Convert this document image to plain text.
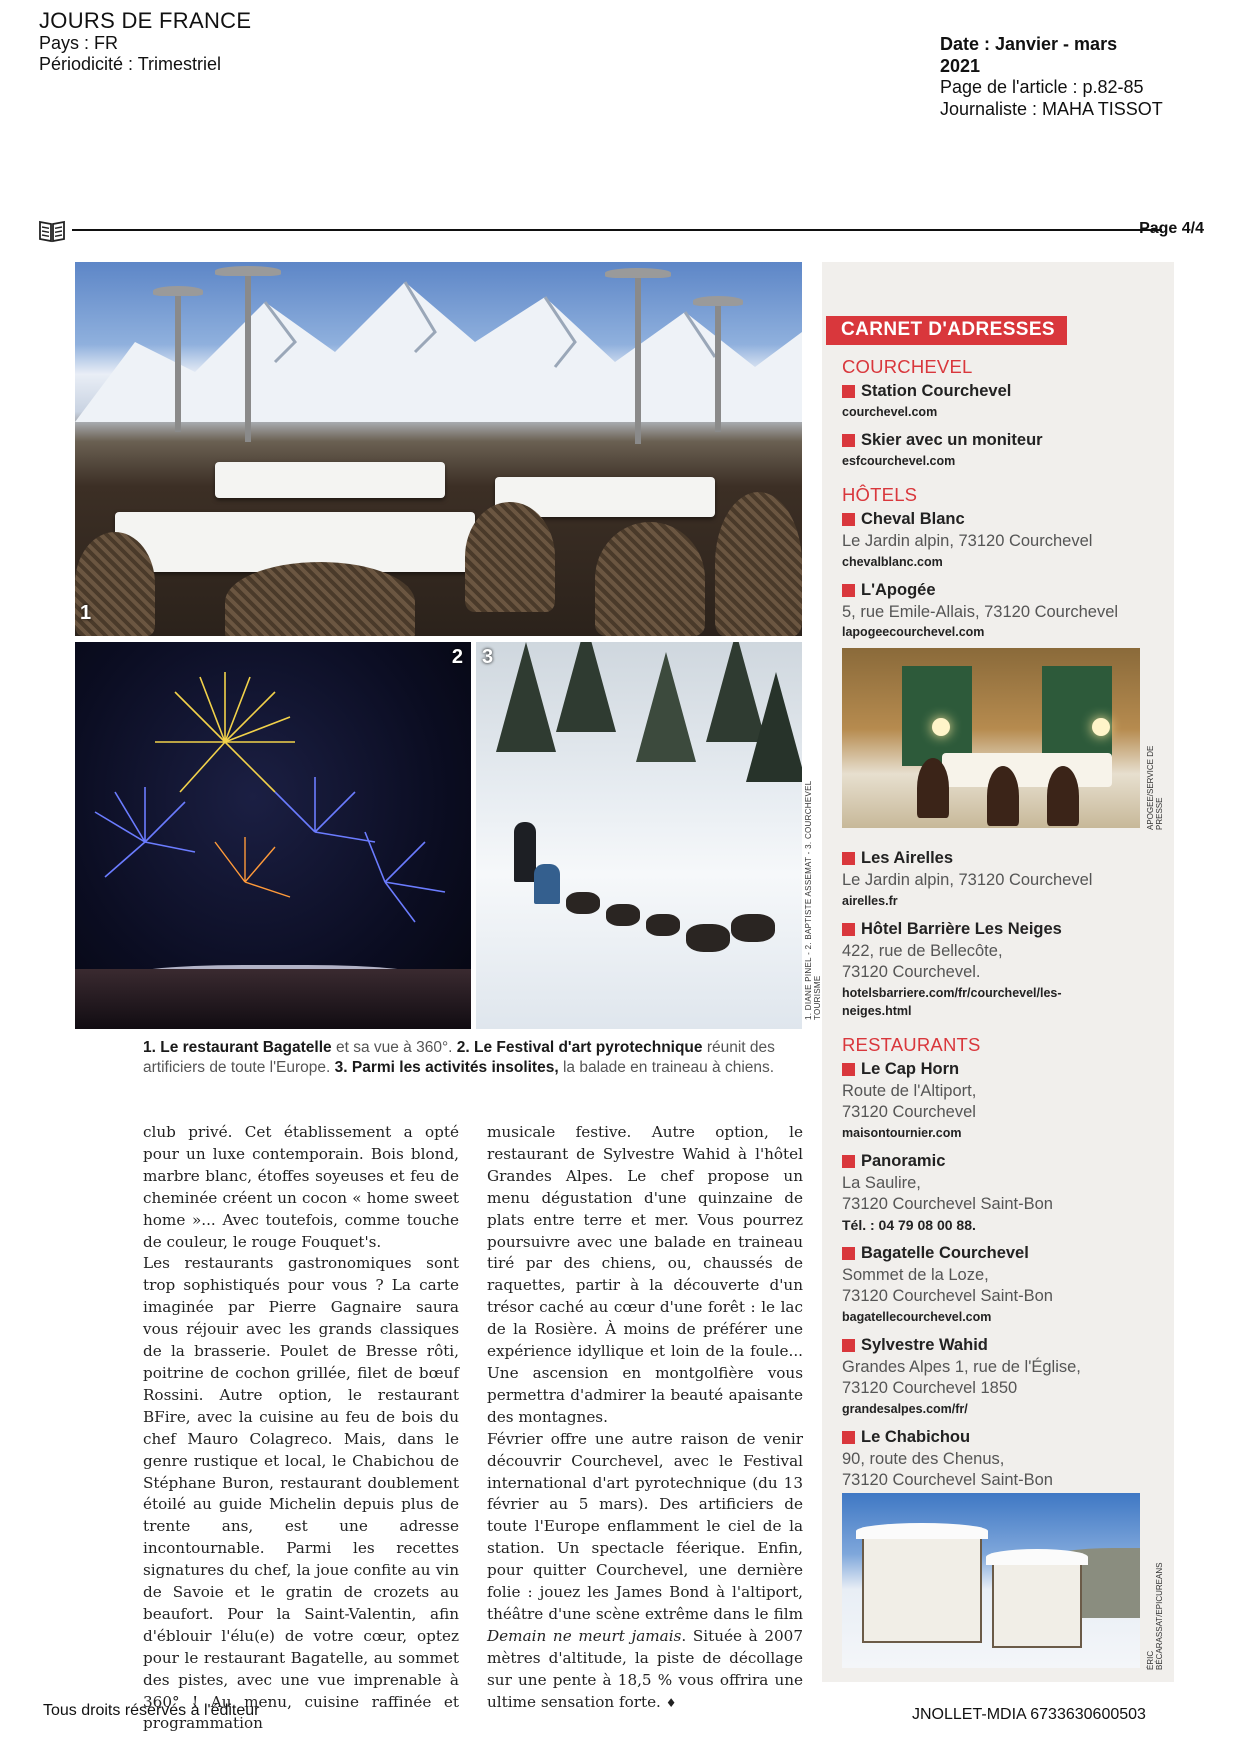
JOURS DE FRANCE
Pays : FR
Périodicité : Trimestriel
Date : Janvier - mars
2021
Page de l'article : p.82-85
Journaliste : MAHA TISSOT
Page 4/4
1
2 3
1. DIANE PINEL - 2. BAPTISTE ASSEMAT - 3. COURCHEVEL TOURISME
1. Le restaurant Bagatelle et sa vue à 360°. 2. Le Festival d'art pyrotechnique réunit des artificiers de toute l'Europe. 3. Parmi les activités insolites, la balade en traineau à chiens.

club privé. Cet établissement a opté pour un luxe contemporain. Bois blond, marbre blanc, étoffes soyeuses et feu de cheminée créent un cocon « home sweet home »... Avec toutefois, comme touche de couleur, le rouge Fouquet's.

Les restaurants gastronomiques sont trop sophistiqués pour vous ? La carte imaginée par Pierre Gagnaire saura vous réjouir avec les grands classiques de la brasserie. Poulet de Bresse rôti, poitrine de cochon grillée, filet de bœuf Rossini. Autre option, le restaurant BFire, avec la cuisine au feu de bois du chef Mauro Colagreco. Mais, dans le genre rustique et local, le Chabichou de Stéphane Buron, restaurant doublement étoilé au guide Michelin depuis plus de trente ans, est une adresse incontournable. Parmi les recettes signatures du chef, la joue confite au vin de Savoie et le gratin de crozets au beaufort. Pour la Saint-Valentin, afin d'éblouir l'élu(e) de votre cœur, optez pour le restaurant Bagatelle, au sommet des pistes, avec une vue imprenable à 360° ! Au menu, cuisine raffinée et programmation

musicale festive. Autre option, le restaurant de Sylvestre Wahid à l'hôtel Grandes Alpes. Le chef propose un menu dégustation d'une quinzaine de plats entre terre et mer. Vous pourrez poursuivre avec une balade en traineau tiré par des chiens, ou, chaussés de raquettes, partir à la découverte d'un trésor caché au cœur d'une forêt : le lac de la Rosière. À moins de préférer une expérience idyllique et loin de la foule... Une ascension en montgolfière vous permettra d'admirer la beauté apaisante des montagnes.

Février offre une autre raison de venir découvrir Courchevel, avec le Festival international d'art pyrotechnique (du 13 février au 5 mars). Des artificiers de toute l'Europe enflamment le ciel de la station. Un spectacle féerique. Enfin, pour quitter Courchevel, une dernière folie : jouez les James Bond à l'altiport, théâtre d'une scène extrême dans le film Demain ne meurt jamais. Située à 2007 mètres d'altitude, la piste de décollage sur une pente à 18,5 % vous offrira une ultime sensation forte. ♦

CARNET D'ADRESSES
COURCHEVEL
Station Courchevel
courchevel.com
Skier avec un moniteur
esfcourchevel.com
HÔTELS
Cheval Blanc
Le Jardin alpin, 73120 Courchevel
chevalblanc.com
L'Apogée
5, rue Emile-Allais, 73120 Courchevel
lapogeecourchevel.com
Les Airelles
Le Jardin alpin, 73120 Courchevel
airelles.fr
Hôtel Barrière Les Neiges
422, rue de Bellecôte,
73120 Courchevel.
hotelsbarriere.com/fr/courchevel/les-neiges.html
RESTAURANTS
Le Cap Horn
Route de l'Altiport,
73120 Courchevel
maisontournier.com
Panoramic
La Saulire,
73120 Courchevel Saint-Bon
Tél. : 04 79 08 00 88.
Bagatelle Courchevel
Sommet de la Loze,
73120 Courchevel Saint-Bon
bagatellecourchevel.com
Sylvestre Wahid
Grandes Alpes 1, rue de l'Église,
73120 Courchevel 1850
grandesalpes.com/fr/
Le Chabichou
90, route des Chenus,
73120 Courchevel Saint-Bon
APOGEE/SERVICE DE PRESSE
ÉRIC BÉCARASSAT/EPICUREANS
Tous droits réservés à l'éditeur	JNOLLET-MDIA 6733630600503
